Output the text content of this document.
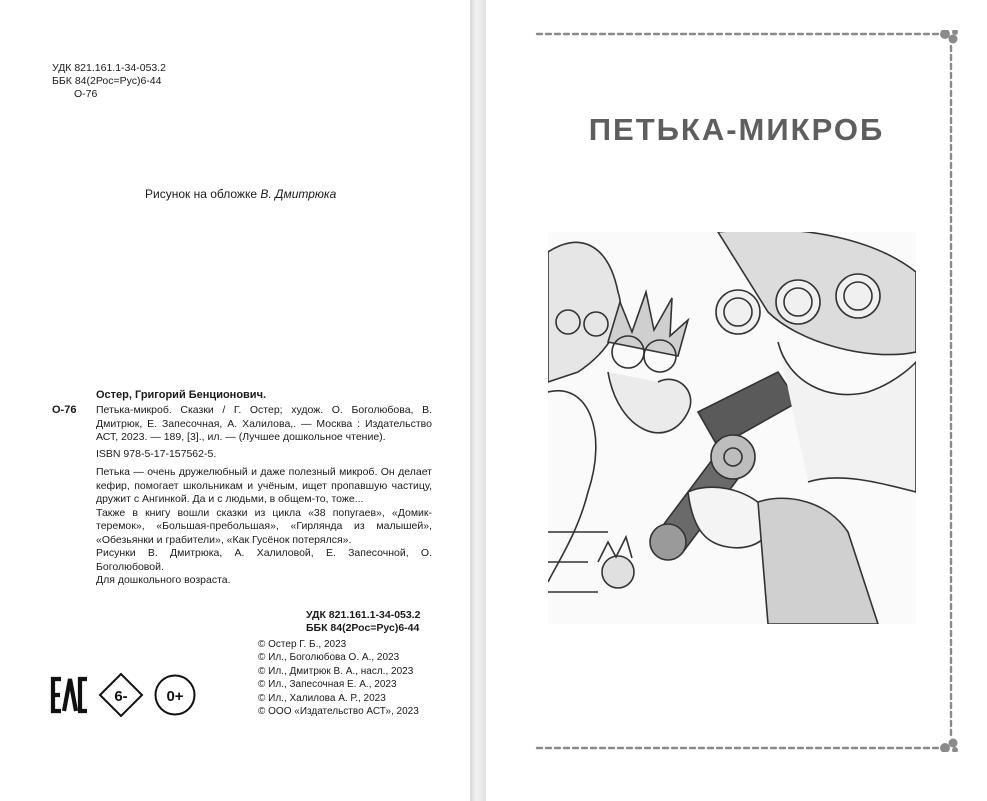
УДК 821.161.1-34-053.2
ББК 84(2Рос=Рус)6-44
О-76
Рисунок на обложке В. Дмитрюка
Остер, Григорий Бенционович.
О-76 Петька-микроб. Сказки / Г. Остер; худож. О. Боголюбова, В. Дмитрюк, Е. Запесочная, А. Халилова,. — Москва : Издательство АСТ, 2023. — 189, [3]., ил. — (Лучшее дошкольное чтение).
ISBN 978-5-17-157562-5.

Петька — очень дружелюбный и даже полезный микроб. Он делает кефир, помогает школьникам и учёным, ищет пропавшую частицу, дружит с Ангинкой. Да и с людьми, в общем-то, тоже...

Также в книгу вошли сказки из цикла «38 попугаев», «Домик-теремок», «Большая-пребольшая», «Гирлянда из малышей», «Обезьянки и грабители», «Как Гусёнок потерялся».

Рисунки В. Дмитрюка, А. Халиловой, Е. Запесочной, О. Боголюбовой.

Для дошкольного возраста.

УДК 821.161.1-34-053.2
ББК 84(2Рос=Рус)6-44
© Остер Г. Б., 2023
© Ил., Боголюбова О. А., 2023
© Ил., Дмитрюк В. А., насл., 2023
© Ил., Запесочная Е. А., 2023
© Ил., Халилова А. Р., 2023
© ООО «Издательство АСТ», 2023
6-	0+
ПЕТЬКА-МИКРОБ
